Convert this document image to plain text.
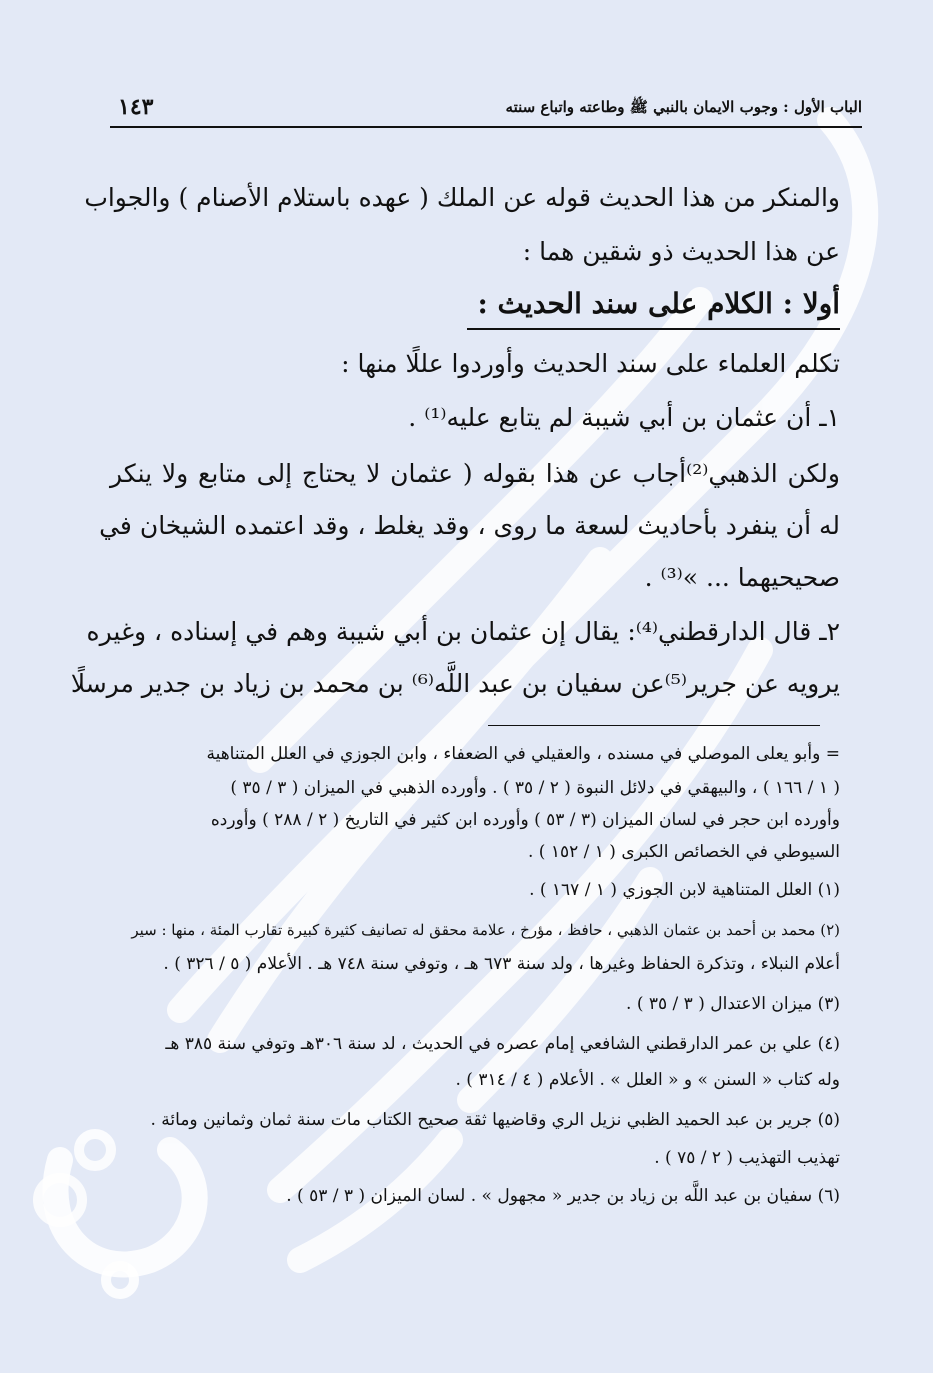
الباب الأول : وجوب الايمان بالنبي ﷺ وطاعته واتباع سنته
١٤٣
والمنكر من هذا الحديث قوله عن الملك ( عهده باستلام الأصنام ) والجواب
عن هذا الحديث ذو شقين هما :
أولا : الكلام على سند الحديث :
تكلم العلماء على سند الحديث وأوردوا عللًا منها :
١ـ أن عثمان بن أبي شيبة لم يتابع عليه⁽¹⁾ .
ولكن الذهبي⁽²⁾أجاب عن هذا بقوله ( عثمان لا يحتاج إلى متابع ولا ينكر
له أن ينفرد بأحاديث لسعة ما روى ، وقد يغلط ، وقد اعتمده الشيخان في
صحيحيهما ... »⁽³⁾ .
٢ـ قال الدارقطني⁽⁴⁾: يقال إن عثمان بن أبي شيبة وهم في إسناده ، وغيره
يرويه عن جرير⁽⁵⁾عن سفيان بن عبد اللَّه⁽⁶⁾ بن محمد بن زياد بن جدير مرسلًا
= وأبو يعلى الموصلي في مسنده ، والعقيلي في الضعفاء ، وابن الجوزي في العلل المتناهية
( ١ / ١٦٦ ) ، والبيهقي في دلائل النبوة ( ٢ / ٣٥ ) . وأورده الذهبي في الميزان ( ٣ / ٣٥ )
وأورده ابن حجر في لسان الميزان (٣ / ٥٣ ) وأورده ابن كثير في التاريخ ( ٢ / ٢٨٨ ) وأورده
السيوطي في الخصائص الكبرى ( ١ / ١٥٢ ) .
(١) العلل المتناهية لابن الجوزي ( ١ / ١٦٧ ) .
(٢) محمد بن أحمد بن عثمان الذهبي ، حافظ ، مؤرخ ، علامة محقق له تصانيف كثيرة كبيرة تقارب المئة ، منها : سير
أعلام النبلاء ، وتذكرة الحفاظ وغيرها ، ولد سنة ٦٧٣ هـ ، وتوفي سنة ٧٤٨ هـ . الأعلام ( ٥ / ٣٢٦ ) .
(٣) ميزان الاعتدال ( ٣ / ٣٥ ) .
(٤) علي بن عمر الدارقطني الشافعي إمام عصره في الحديث ، لد سنة ٣٠٦هـ وتوفي سنة ٣٨٥ هـ
وله كتاب « السنن » و « العلل » . الأعلام ( ٤ / ٣١٤ ) .
(٥) جرير بن عبد الحميد الظبي نزيل الري وقاضيها ثقة صحيح الكتاب مات سنة ثمان وثمانين ومائة .
تهذيب التهذيب ( ٢ / ٧٥ ) .
(٦) سفيان بن عبد اللَّه بن زياد بن جدير « مجهول » . لسان الميزان ( ٣ / ٥٣ ) .
